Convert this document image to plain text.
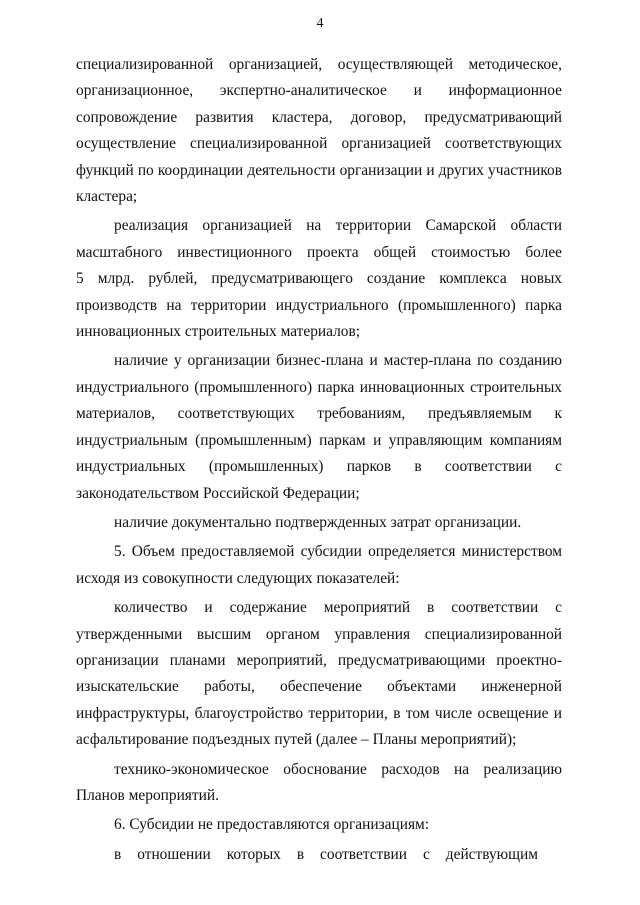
4
специализированной организацией, осуществляющей методическое,
организационное, экспертно-аналитическое и информационное
сопровождение развития кластера, договор, предусматривающий
осуществление специализированной организацией соответствующих
функций по координации деятельности организации и других участников
кластера;
реализация организацией на территории Самарской области
масштабного инвестиционного проекта общей стоимостью более
5 млрд. рублей, предусматривающего создание комплекса новых
производств на территории индустриального (промышленного) парка
инновационных строительных материалов;
наличие у организации бизнес-плана и мастер-плана по созданию
индустриального (промышленного) парка инновационных строительных
материалов, соответствующих требованиям, предъявляемым к
индустриальным (промышленным) паркам и управляющим компаниям
индустриальных (промышленных) парков в соответствии с
законодательством Российской Федерации;
наличие документально подтвержденных затрат организации.
5. Объем предоставляемой субсидии определяется министерством
исходя из совокупности следующих показателей:
количество и содержание мероприятий в соответствии с
утвержденными высшим органом управления специализированной
организации планами мероприятий, предусматривающими проектно-
изыскательские работы, обеспечение объектами инженерной
инфраструктуры, благоустройство территории, в том числе освещение и
асфальтирование подъездных путей (далее – Планы мероприятий);
технико-экономическое обоснование расходов на реализацию
Планов мероприятий.
6. Субсидии не предоставляются организациям:
в отношении которых в соответствии с действующим
